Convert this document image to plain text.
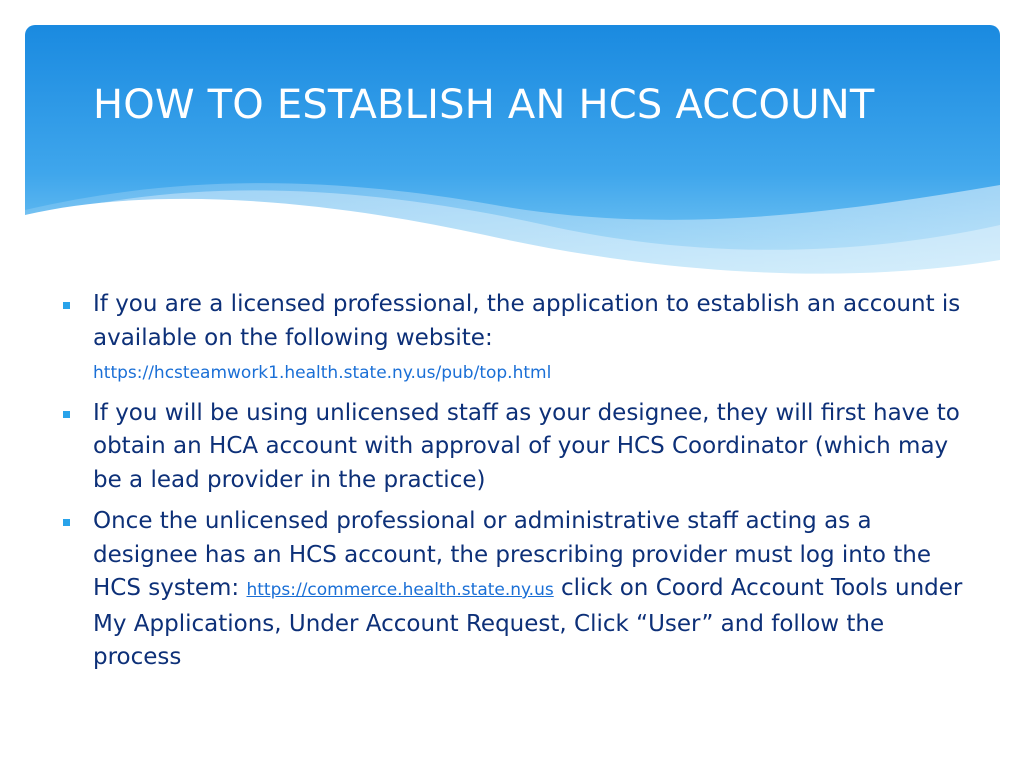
HOW TO ESTABLISH AN HCS ACCOUNT
If you are a licensed professional, the application to establish an account is available on the following website:
https://hcsteamwork1.health.state.ny.us/pub/top.html
If you will be using unlicensed staff as your designee, they will first have to obtain an HCA account with approval of your HCS Coordinator (which may be a lead provider in the practice)
Once the unlicensed professional or administrative staff acting as a designee has an HCS account, the prescribing provider must log into the HCS system: https://commerce.health.state.ny.us click on Coord Account Tools under My Applications, Under Account Request, Click “User” and follow the process
